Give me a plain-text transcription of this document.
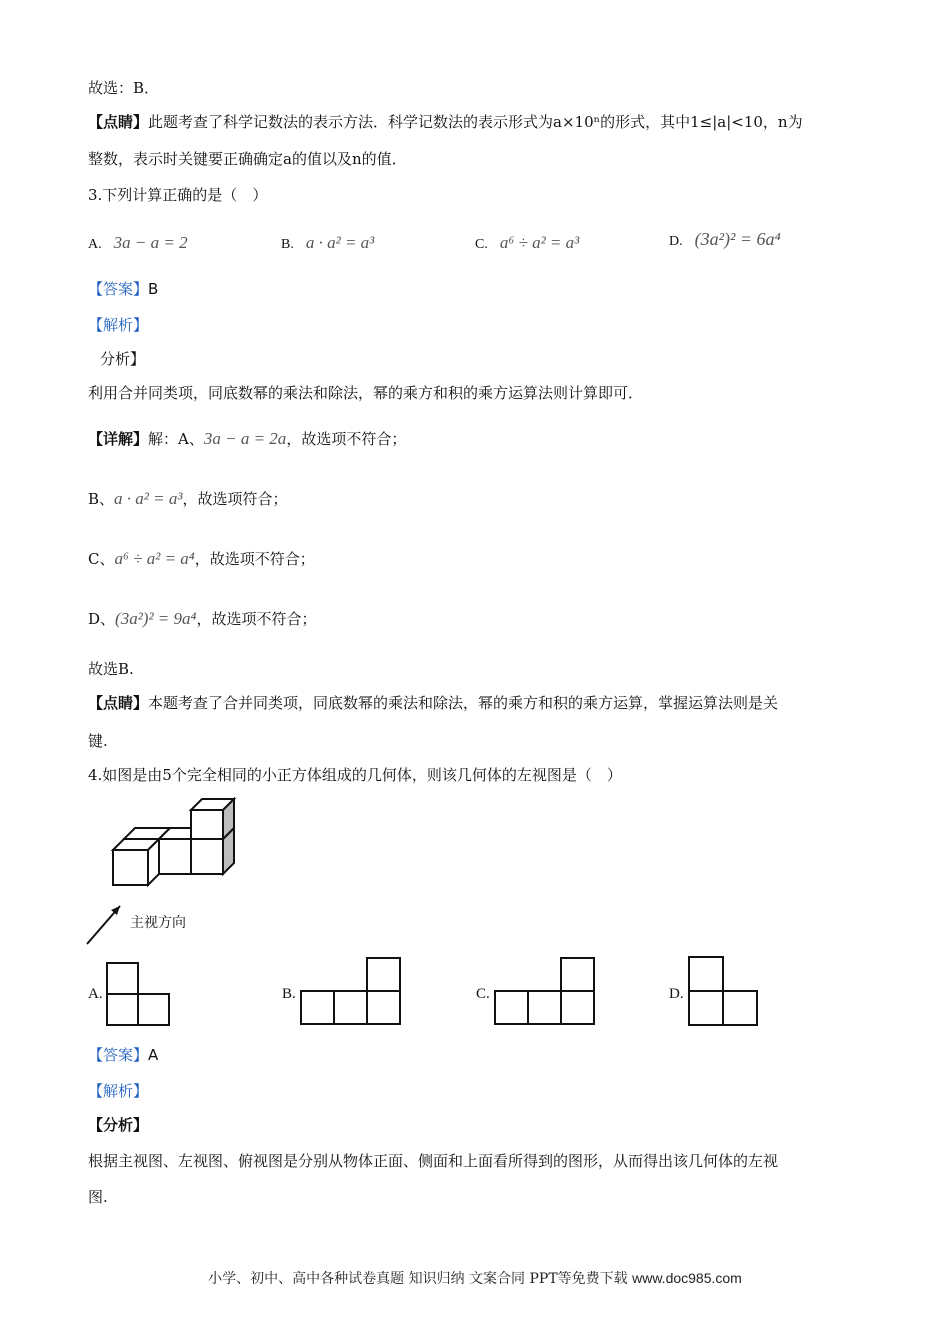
故选：B．
【点睛】此题考查了科学记数法的表示方法．科学记数法的表示形式为a×10ⁿ的形式，其中1≤|a|<10，n为
整数，表示时关键要正确确定a的值以及n的值．
3.下列计算正确的是（　）
A. 3a − a = 2	B. a · a² = a³	C. a⁶ ÷ a² = a³	D. (3a²)² = 6a⁴
【答案】B
【解析】
分析】
利用合并同类项，同底数幂的乘法和除法，幂的乘方和积的乘方运算法则计算即可．
【详解】解：A、3a − a = 2a，故选项不符合；
B、a · a² = a³，故选项符合；
C、a⁶ ÷ a² = a⁴，故选项不符合；
D、(3a²)² = 9a⁴，故选项不符合；
故选B.
【点睛】本题考查了合并同类项，同底数幂的乘法和除法，幂的乘方和积的乘方运算，掌握运算法则是关
键.
4.如图是由5个完全相同的小正方体组成的几何体，则该几何体的左视图是（　）
主视方向
A.	B.	C.	D.
【答案】A
【解析】
【分析】
根据主视图、左视图、俯视图是分别从物体正面、侧面和上面看所得到的图形，从而得出该几何体的左视
图.
小学、初中、高中各种试卷真题 知识归纳 文案合同 PPT等免费下载 www.doc985.com
